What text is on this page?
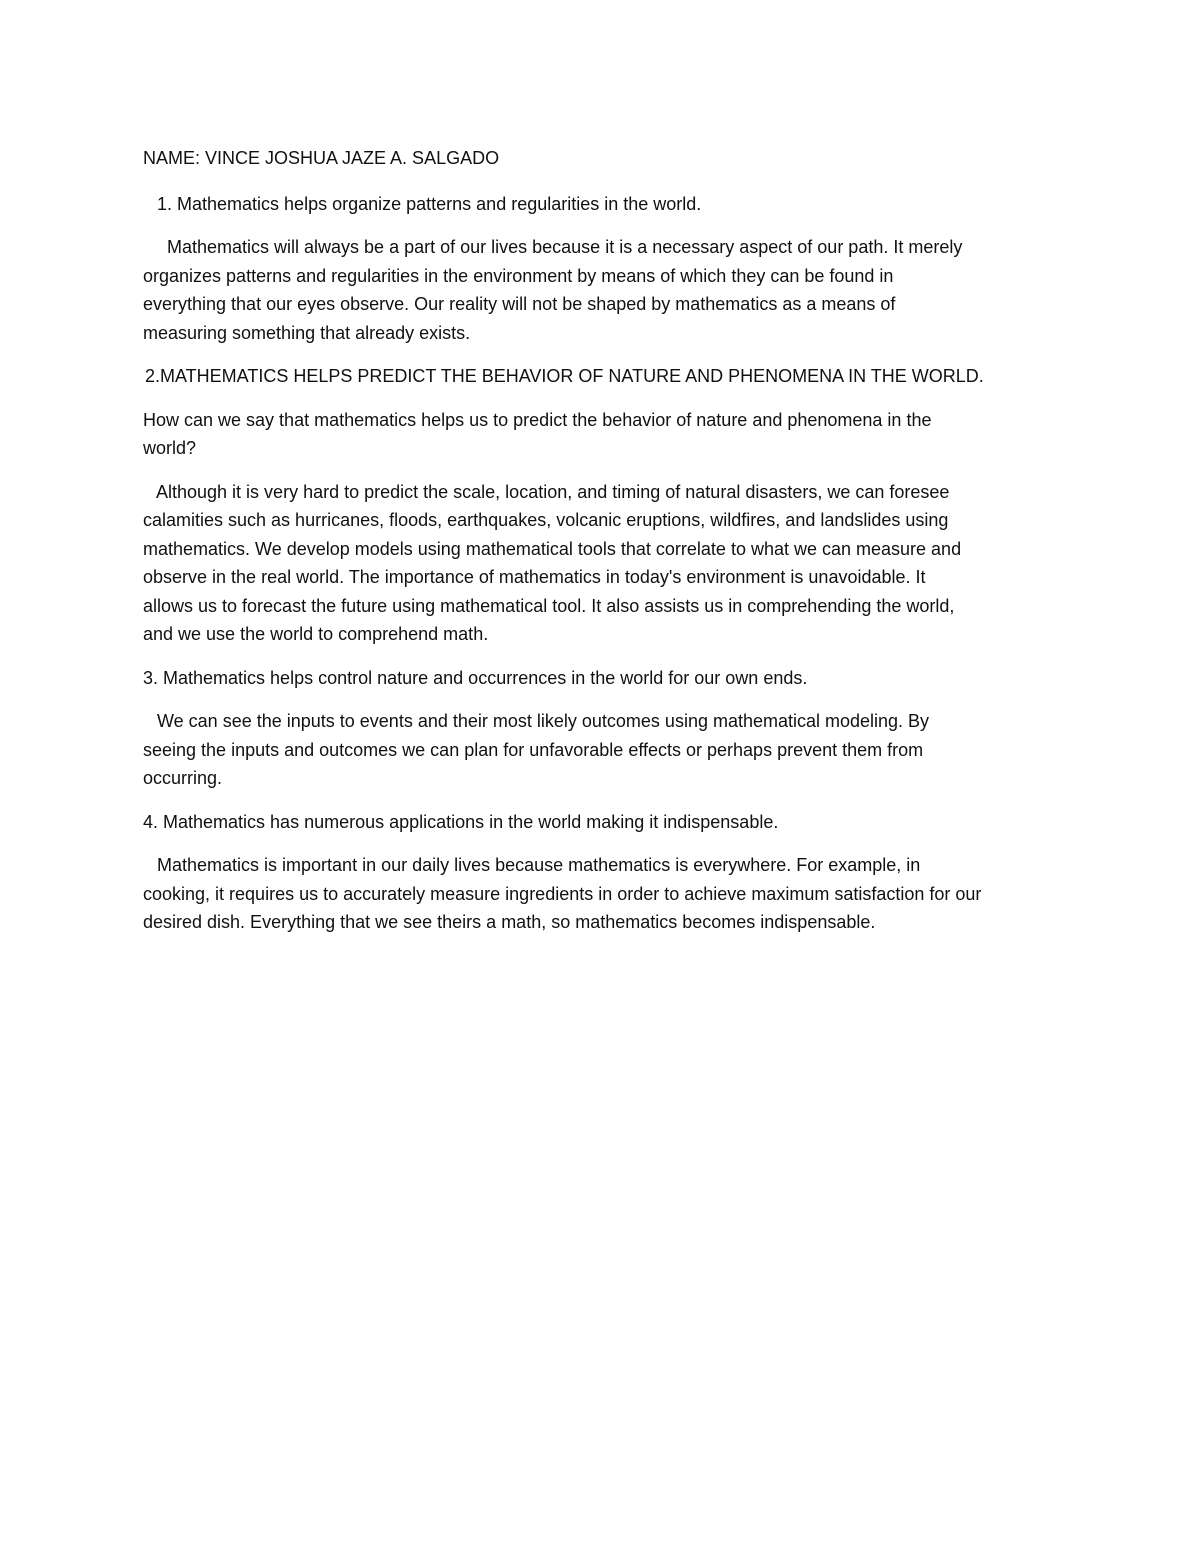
NAME: VINCE JOSHUA JAZE A. SALGADO

1. Mathematics helps organize patterns and regularities in the world.

Mathematics will always be a part of our lives because it is a necessary aspect of our path. It merely

organizes patterns and regularities in the environment by means of which they can be found in

everything that our eyes observe. Our reality will not be shaped by mathematics as a means of

measuring something that already exists.

2.MATHEMATICS HELPS PREDICT THE BEHAVIOR OF NATURE AND PHENOMENA IN THE WORLD.

How can we say that mathematics helps us to predict the behavior of nature and phenomena in the

world?

Although it is very hard to predict the scale, location, and timing of natural disasters, we can foresee

calamities such as hurricanes, floods, earthquakes, volcanic eruptions, wildfires, and landslides using

mathematics. We develop models using mathematical tools that correlate to what we can measure and

observe in the real world. The importance of mathematics in today's environment is unavoidable. It

allows us to forecast the future using mathematical tool. It also assists us in comprehending the world,

and we use the world to comprehend math.

3. Mathematics helps control nature and occurrences in the world for our own ends.

We can see the inputs to events and their most likely outcomes using mathematical modeling. By

seeing the inputs and outcomes we can plan for unfavorable effects or perhaps prevent them from

occurring.

4. Mathematics has numerous applications in the world making it indispensable.

Mathematics is important in our daily lives because mathematics is everywhere. For example, in

cooking, it requires us to accurately measure ingredients in order to achieve maximum satisfaction for our

desired dish. Everything that we see theirs a math, so mathematics becomes indispensable.
